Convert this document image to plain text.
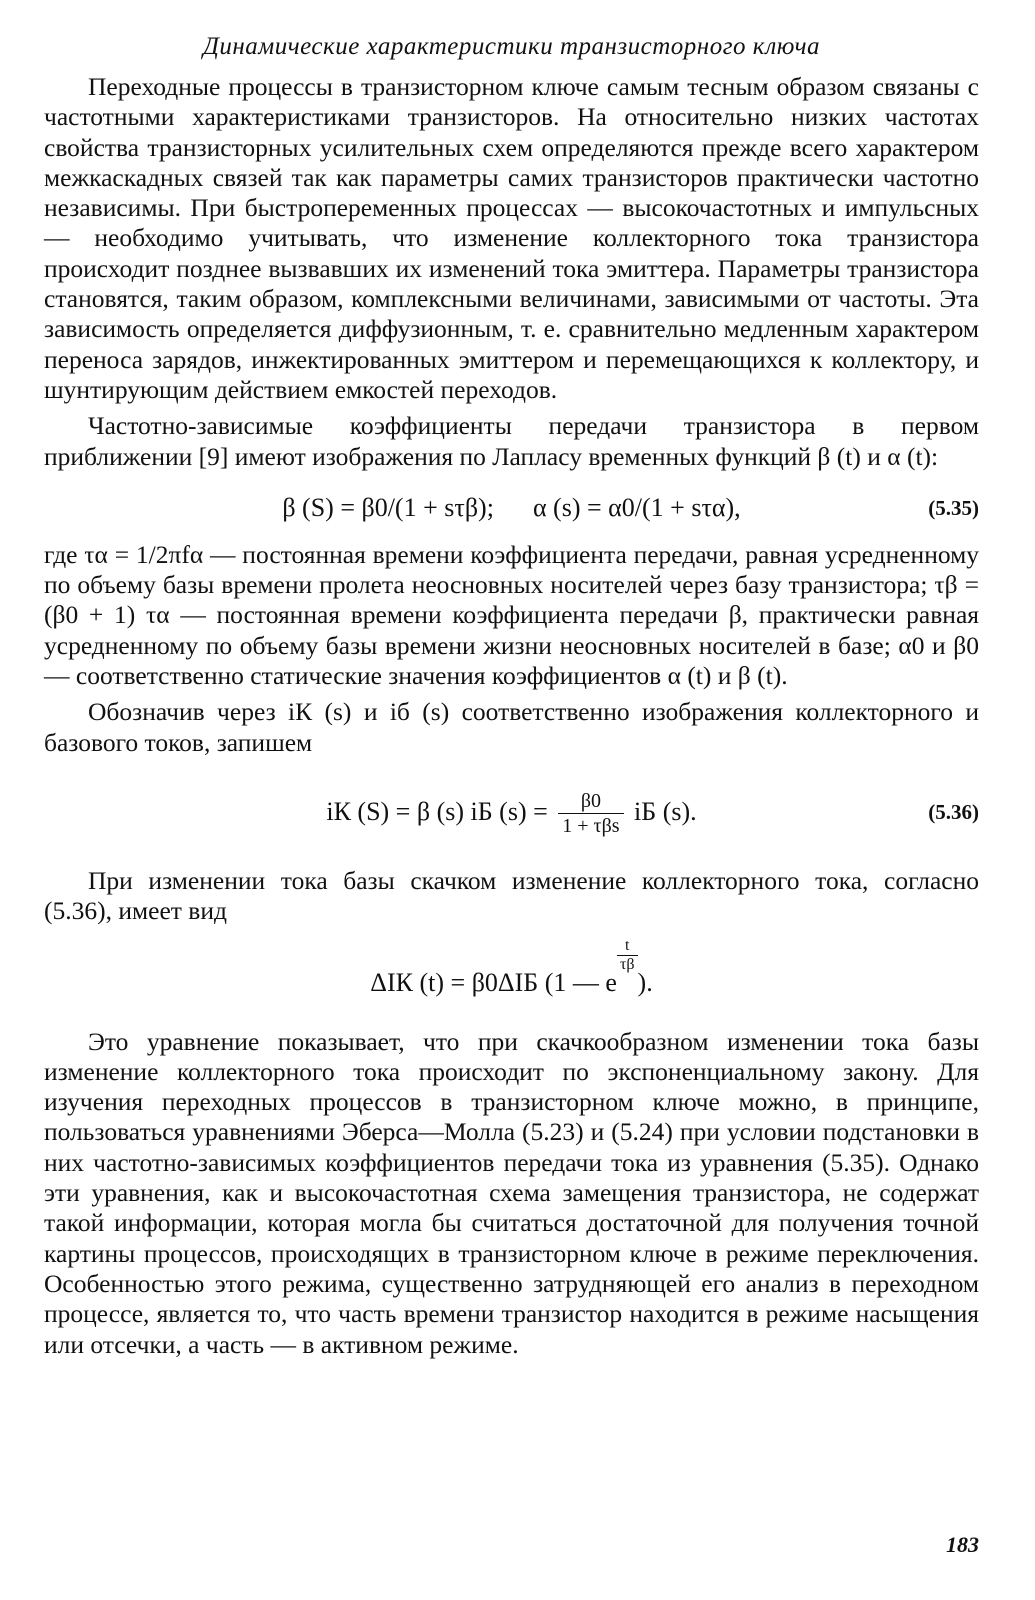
Динамические характеристики транзисторного ключа

Переходные процессы в транзисторном ключе самым тесным образом связаны с частотными характеристиками транзисторов. На относительно низких частотах свойства транзисторных усилительных схем определяются прежде всего характером межкаскадных связей так как параметры самих транзисторов практически частотно независимы. При быстропеременных процессах — высокочастотных и импульсных — необходимо учитывать, что изменение коллекторного тока транзистора происходит позднее вызвавших их изменений тока эмиттера. Параметры транзистора становятся, таким образом, комплексными величинами, зависимыми от частоты. Эта зависимость определяется диффузионным, т. е. сравнительно медленным характером переноса зарядов, инжектированных эмиттером и перемещающихся к коллектору, и шунтирующим действием емкостей переходов.

Частотно-зависимые коэффициенты передачи транзистора в первом приближении [9] имеют изображения по Лапласу временных функций β (t) и α (t):

β (S) = β0/(1 + sτβ); α (s) = α0/(1 + sτα),	(5.35)

где τα = 1/2πfα — постоянная времени коэффициента передачи, равная усредненному по объему базы времени пролета неосновных носителей через базу транзистора; τβ = (β0 + 1) τα — постоянная времени коэффициента передачи β, практически равная усредненному по объему базы времени жизни неосновных носителей в базе; α0 и β0 — соответственно статические значения коэффициентов α (t) и β (t).

Обозначив через iК (s) и iб (s) соответственно изображения коллекторного и базового токов, запишем

iК (S) = β (s) iБ $(s) = \frac{\beta 0}{\text{1 + τβs}}$ iБ (s).	(5.36)

При изменении тока базы скачком изменение коллекторного тока, согласно (5.36), имеет вид

ΔIК (t) = β0ΔIБ (1 — e
$\frac{t}{\tau\beta}$
).

Это уравнение показывает, что при скачкообразном изменении тока базы изменение коллекторного тока происходит по экспоненциальному закону. Для изучения переходных процессов в транзисторном ключе можно, в принципе, пользоваться уравнениями Эберса—Молла (5.23) и (5.24) при условии подстановки в них частотно-зависимых коэффициентов передачи тока из уравнения (5.35). Однако эти уравнения, как и высокочастотная схема замещения транзистора, не содержат такой информации, которая могла бы считаться достаточной для получения точной картины процессов, происходящих в транзисторном ключе в режиме переключения. Особенностью этого режима, существенно затрудняющей его анализ в переходном процессе, является то, что часть времени транзистор находится в режиме насыщения или отсечки, а часть — в активном режиме.

183
